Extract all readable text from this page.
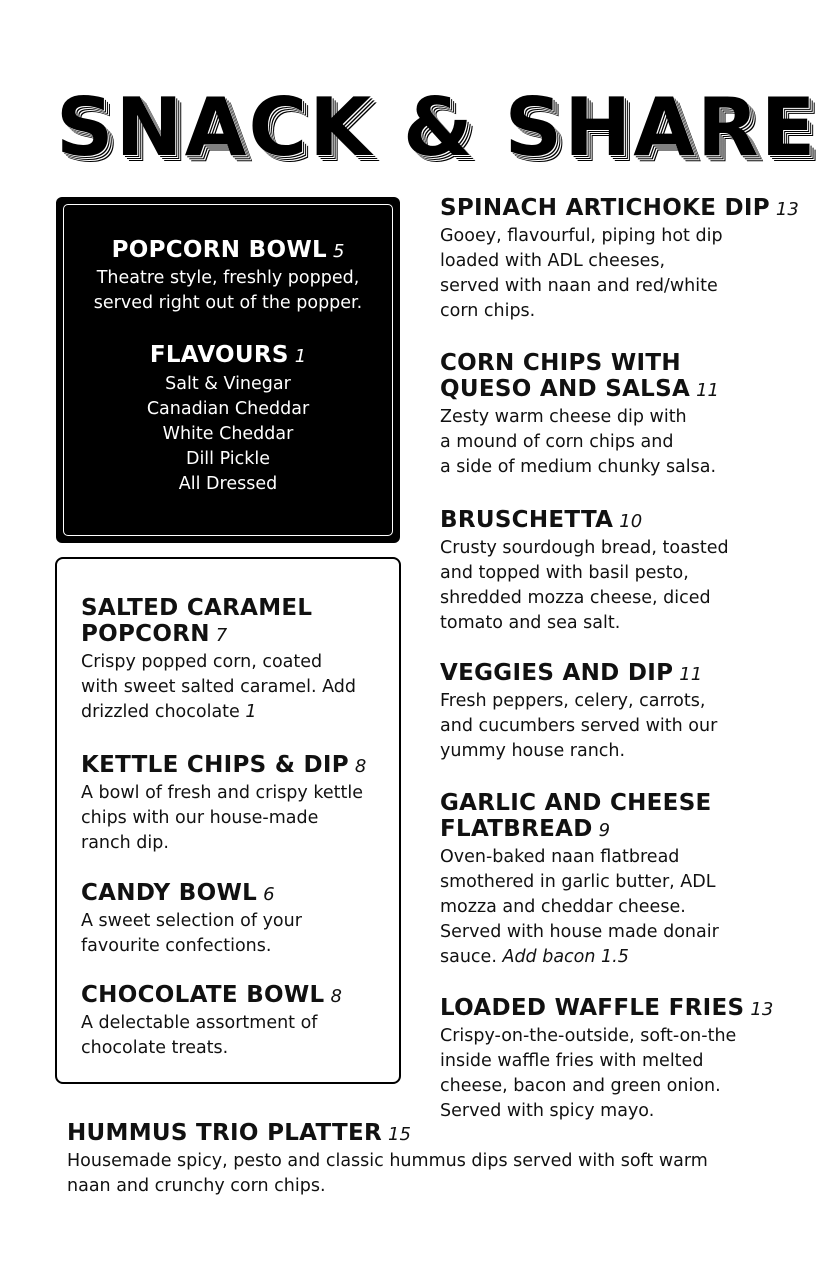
SNACK & SHARE
POPCORN BOWL 5
Theatre style, freshly popped,
served right out of the popper.
FLAVOURS 1
Salt & Vinegar
Canadian Cheddar
White Cheddar
Dill Pickle
All Dressed
SALTED CARAMEL
POPCORN 7
Crispy popped corn, coated
with sweet salted caramel. Add
drizzled chocolate 1
KETTLE CHIPS & DIP 8
A bowl of fresh and crispy kettle
chips with our house-made
ranch dip.
CANDY BOWL 6
A sweet selection of your
favourite confections.
CHOCOLATE BOWL 8
A delectable assortment of
chocolate treats.
SPINACH ARTICHOKE DIP 13
Gooey, flavourful, piping hot dip
loaded with ADL cheeses,
served with naan and red/white
corn chips.
CORN CHIPS WITH
QUESO AND SALSA 11
Zesty warm cheese dip with
a mound of corn chips and
a side of medium chunky salsa.
BRUSCHETTA 10
Crusty sourdough bread, toasted
and topped with basil pesto,
shredded mozza cheese, diced
tomato and sea salt.
VEGGIES AND DIP 11
Fresh peppers, celery, carrots,
and cucumbers served with our
yummy house ranch.
GARLIC AND CHEESE
FLATBREAD 9
Oven-baked naan flatbread
smothered in garlic butter, ADL
mozza and cheddar cheese.
Served with house made donair
sauce. Add bacon 1.5
LOADED WAFFLE FRIES 13
Crispy-on-the-outside, soft-on-the
inside waffle fries with melted
cheese, bacon and green onion.
Served with spicy mayo.
HUMMUS TRIO PLATTER 15
Housemade spicy, pesto and classic hummus dips served with soft warm
naan and crunchy corn chips.
